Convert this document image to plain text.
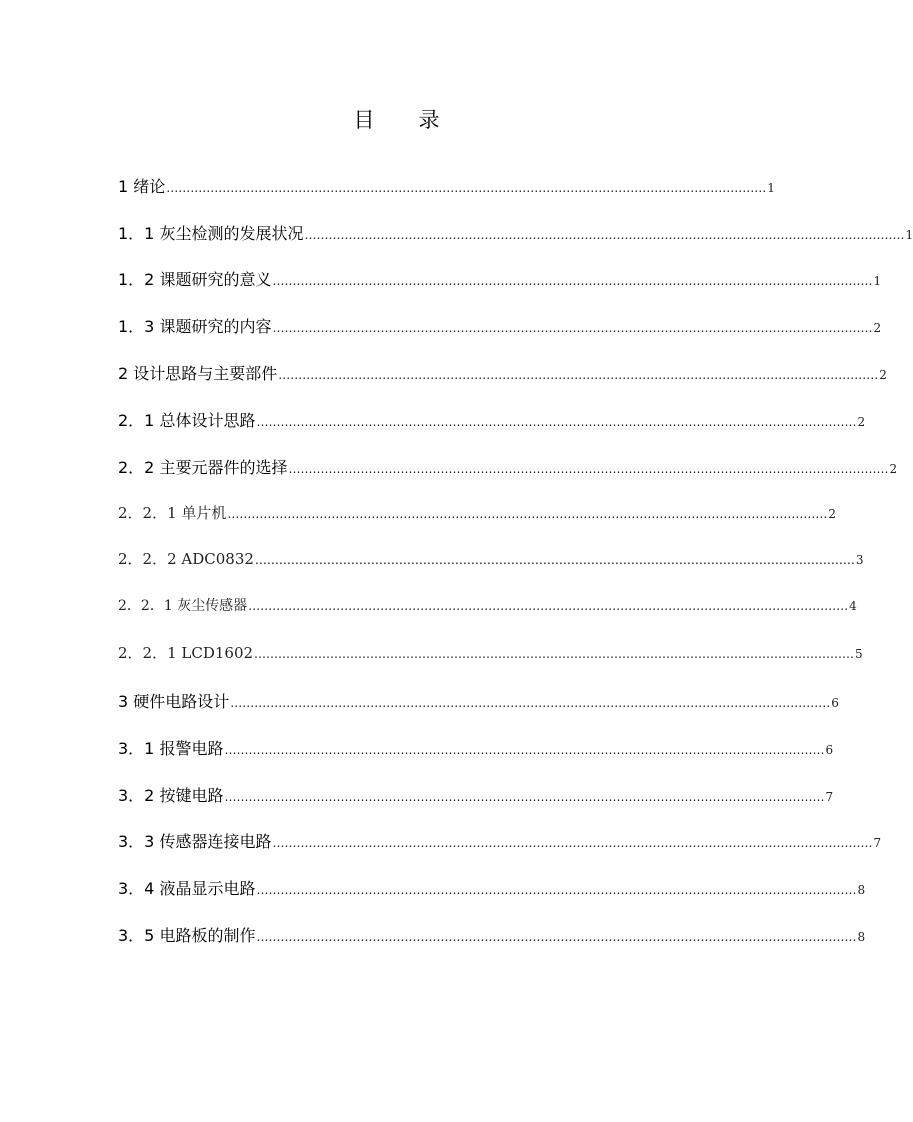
目 录
1 绪论 …………………………………………………………………………………………………………………………………… 1
1．1 灰尘检测的发展状况 …………………………………………………………………………………………………………………………………… 1
1．2 课题研究的意义 …………………………………………………………………………………………………………………………………… 1
1．3 课题研究的内容 …………………………………………………………………………………………………………………………………… 2
2 设计思路与主要部件 …………………………………………………………………………………………………………………………………… 2
2．1 总体设计思路 …………………………………………………………………………………………………………………………………… 2
2．2 主要元器件的选择 …………………………………………………………………………………………………………………………………… 2
2．2．1 单片机 …………………………………………………………………………………………………………………………………… 2
2．2．2 ADC0832 …………………………………………………………………………………………………………………………………… 3
2．2．1 灰尘传感器 …………………………………………………………………………………………………………………………………… 4
2．2．1 LCD1602 …………………………………………………………………………………………………………………………………… 5
3 硬件电路设计 …………………………………………………………………………………………………………………………………… 6
3．1 报警电路 …………………………………………………………………………………………………………………………………… 6
3．2 按键电路 …………………………………………………………………………………………………………………………………… 7
3．3 传感器连接电路 …………………………………………………………………………………………………………………………………… 7
3．4 液晶显示电路 …………………………………………………………………………………………………………………………………… 8
3．5 电路板的制作 …………………………………………………………………………………………………………………………………… 8
